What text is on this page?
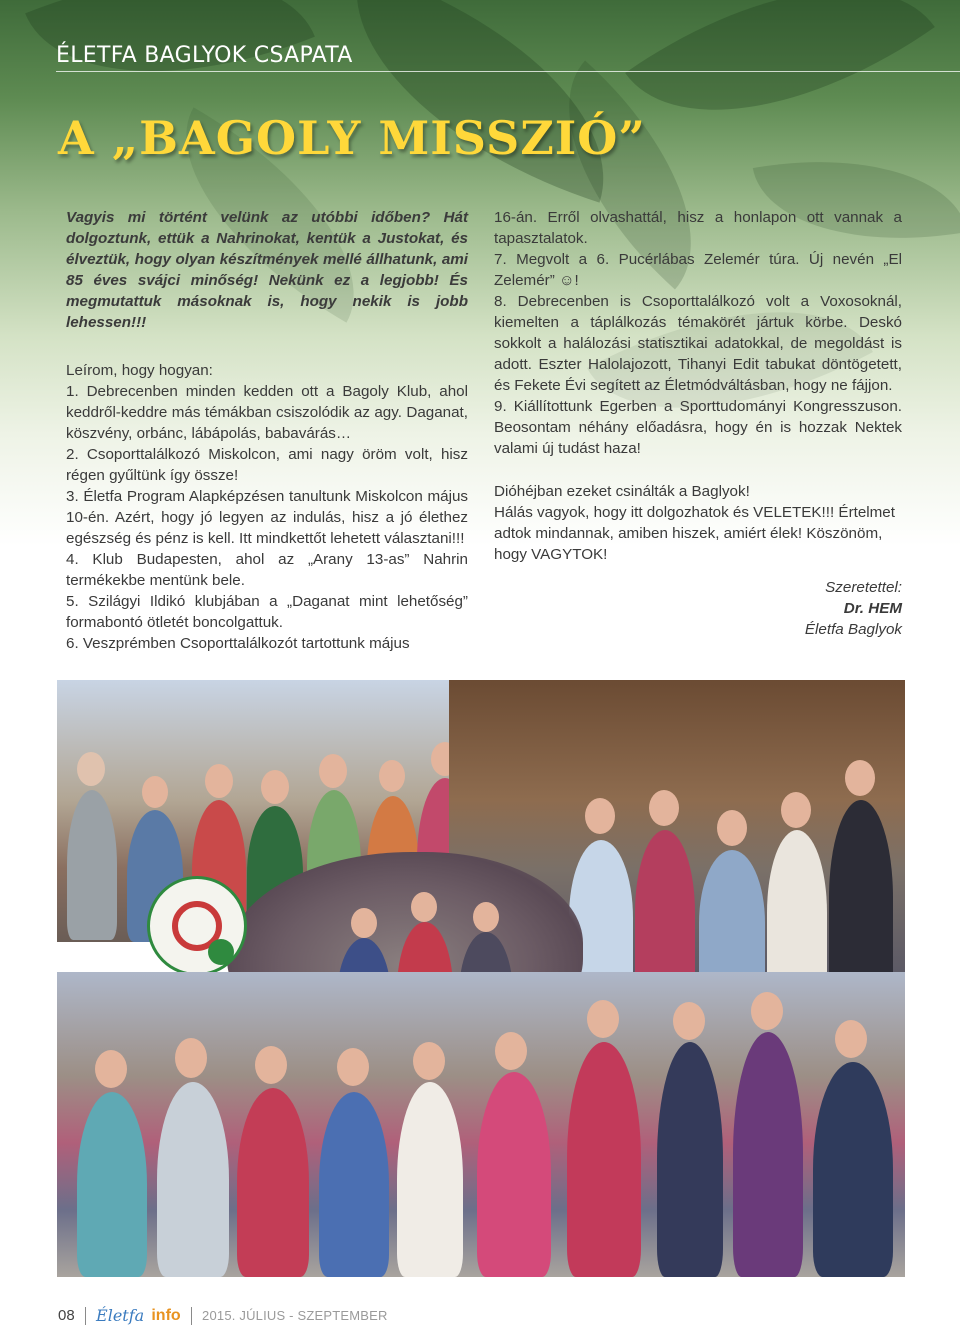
ÉLETFA BAGLYOK CSAPATA
A „BAGOLY MISSZIÓ”

Vagyis mi történt velünk az utóbbi időben? Hát dolgoztunk, ettük a Nahrinokat, kentük a Justokat, és élveztük, hogy olyan készítmények mellé állhatunk, ami 85 éves svájci minőség! Nekünk ez a legjobb! És megmutattuk másoknak is, hogy nekik is jobb lehessen!!!

Leírom, hogy hogyan:

1. Debrecenben minden kedden ott a Bagoly Klub, ahol keddről-keddre más témákban csiszolódik az agy. Daganat, köszvény, orbánc, lábápolás, babavárás…

2. Csoporttalálkozó Miskolcon, ami nagy öröm volt, hisz régen gyűltünk így össze!

3. Életfa Program Alapképzésen tanultunk Miskolcon május 10-én. Azért, hogy jó legyen az indulás, hisz a jó élethez egészség és pénz is kell. Itt mindkettőt lehetett választani!!!

4. Klub Budapesten, ahol az „Arany 13-as” Nahrin termékekbe mentünk bele.

5. Szilágyi Ildikó klubjában a „Daganat mint lehetőség” formabontó ötletét boncolgattuk.

6. Veszprémben Csoporttalálkozót tartottunk május

16-án. Erről olvashattál, hisz a honlapon ott vannak a tapasztalatok.

7. Megvolt a 6. Pucérlábas Zelemér túra. Új nevén „El Zelemér” ☺!

8. Debrecenben is Csoporttalálkozó volt a Voxosoknál, kiemelten a táplálkozás témakörét jártuk körbe. Deskó sokkolt a halálozási statisztikai adatokkal, de megoldást is adott. Eszter Halolajozott, Tihanyi Edit tabukat döntögetett, és Fekete Évi segített az Életmódváltásban, hogy ne fájjon.

9. Kiállítottunk Egerben a Sporttudományi Kongresszuson. Beosontam néhány előadásra, hogy én is hozzak Nektek valami új tudást haza!

Dióhéjban ezeket csinálták a Baglyok!

Hálás vagyok, hogy itt dolgozhatok és VELETEK!!! Értelmet adtok mindannak, amiben hiszek, amiért élek! Köszönöm, hogy VAGYTOK!

Szeretettel:

Dr. HEM

Életfa Baglyok

08 Életfa info 2015. JÚLIUS - SZEPTEMBER
